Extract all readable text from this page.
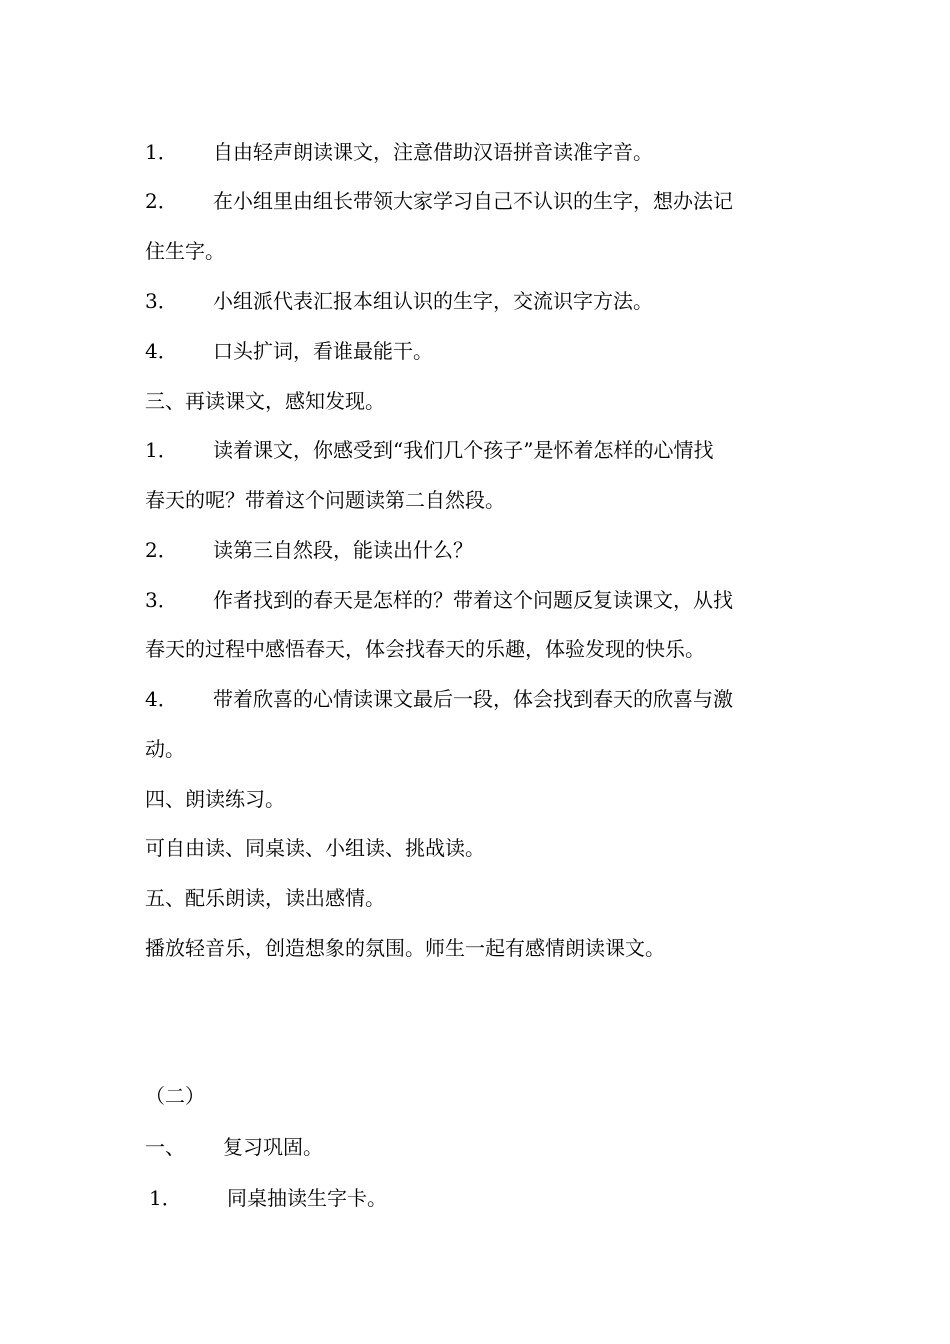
1． 自由轻声朗读课文，注意借助汉语拼音读准字音。
2． 在小组里由组长带领大家学习自己不认识的生字，想办法记
住生字。
3． 小组派代表汇报本组认识的生字，交流识字方法。
4． 口头扩词，看谁最能干。
三、再读课文，感知发现。
1． 读着课文，你感受到“我们几个孩子”是怀着怎样的心情找
春天的呢？带着这个问题读第二自然段。
2． 读第三自然段，能读出什么？
3． 作者找到的春天是怎样的？带着这个问题反复读课文，从找
春天的过程中感悟春天，体会找春天的乐趣，体验发现的快乐。
4． 带着欣喜的心情读课文最后一段，体会找到春天的欣喜与激
动。
四、朗读练习。
可自由读、同桌读、小组读、挑战读。
五、配乐朗读，读出感情。
播放轻音乐，创造想象的氛围。师生一起有感情朗读课文。
（二）
一、 复习巩固。
1． 同桌抽读生字卡。
